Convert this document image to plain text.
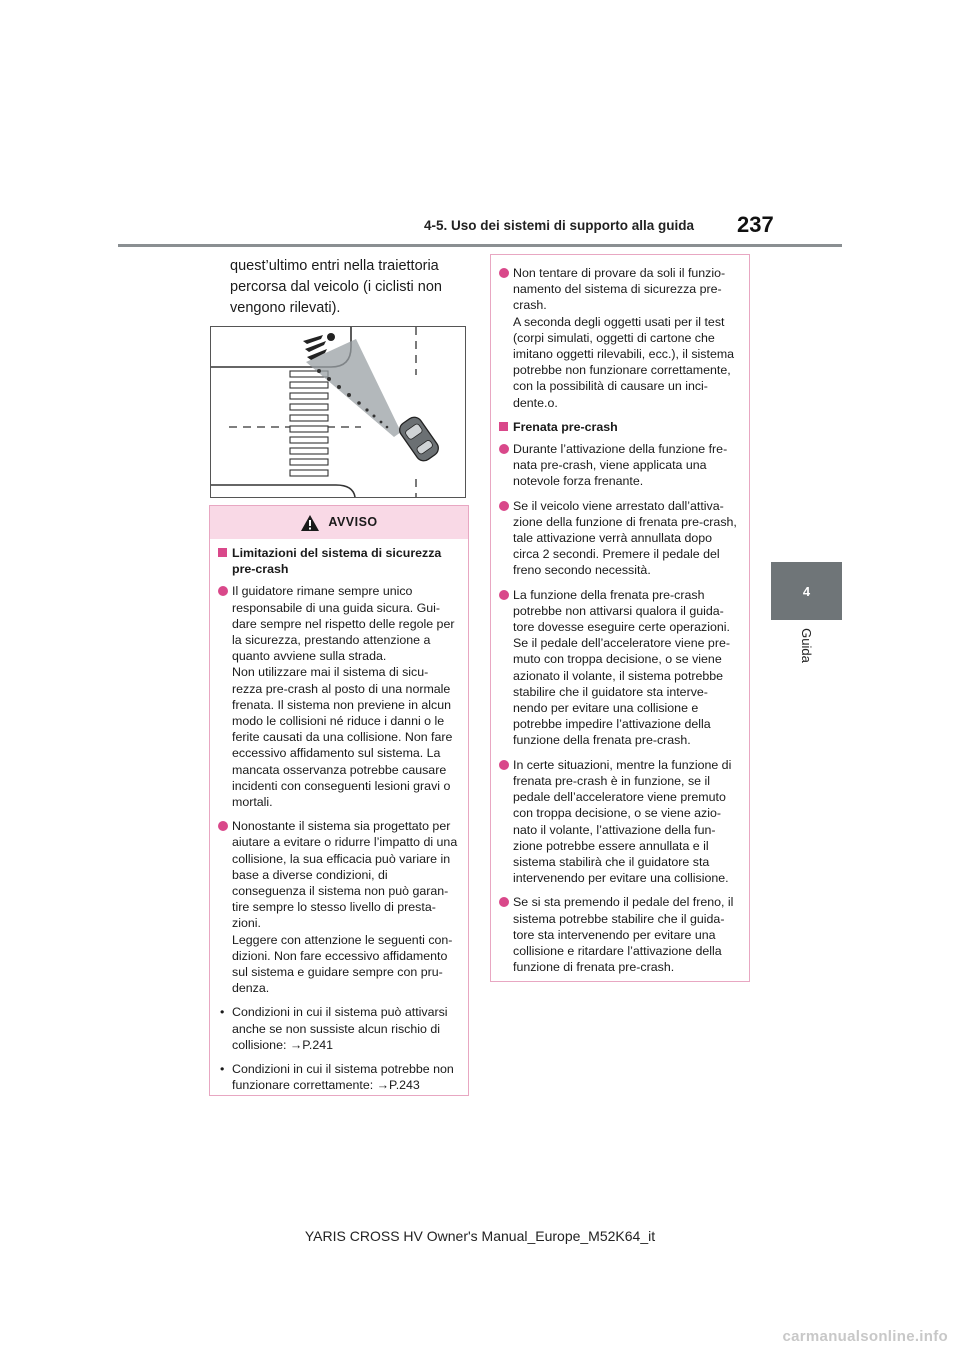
4-5. Uso dei sistemi di supporto alla guida 237
4
Guida

quest’ultimo entri nella traiettoria percorsa dal veicolo (i ciclisti non vengono rilevati).

AVVISO

Limitazioni del sistema di sicurezza pre-crash

Il guidatore rimane sempre unico responsabile di una guida sicura. Gui-dare sempre nel rispetto delle regole per la sicurezza, prestando attenzione a quanto avviene sulla strada.
Non utilizzare mai il sistema di sicu-rezza pre-crash al posto di una normale frenata. Il sistema non previene in alcun modo le collisioni né riduce i danni o le ferite causati da una collisione. Non fare eccessivo affidamento sul sistema. La mancata osservanza potrebbe causare incidenti con conseguenti lesioni gravi o mortali.
Nonostante il sistema sia progettato per aiutare a evitare o ridurre l’impatto di una collisione, la sua efficacia può variare in base a diverse condizioni, di conseguenza il sistema non può garan-tire sempre lo stesso livello di presta-zioni.
Leggere con attenzione le seguenti con-dizioni. Non fare eccessivo affidamento sul sistema e guidare sempre con pru-denza.
• Condizioni in cui il sistema può attivarsi anche se non sussiste alcun rischio di collisione: →P.241
• Condizioni in cui il sistema potrebbe non funzionare correttamente: →P.243
Non tentare di provare da soli il funzio-namento del sistema di sicurezza pre-crash.
A seconda degli oggetti usati per il test (corpi simulati, oggetti di cartone che imitano oggetti rilevabili, ecc.), il sistema potrebbe non funzionare correttamente, con la possibilità di causare un inci-dente.o.

Frenata pre-crash

Durante l’attivazione della funzione fre-nata pre-crash, viene applicata una notevole forza frenante.
Se il veicolo viene arrestato dall’attiva-zione della funzione di frenata pre-crash, tale attivazione verrà annullata dopo circa 2 secondi. Premere il pedale del freno secondo necessità.
La funzione della frenata pre-crash potrebbe non attivarsi qualora il guida-tore dovesse eseguire certe operazioni. Se il pedale dell’acceleratore viene pre-muto con troppa decisione, o se viene azionato il volante, il sistema potrebbe stabilire che il guidatore sta interve-nendo per evitare una collisione e potrebbe impedire l’attivazione della funzione della frenata pre-crash.
In certe situazioni, mentre la funzione di frenata pre-crash è in funzione, se il pedale dell’acceleratore viene premuto con troppa decisione, o se viene azio-nato il volante, l’attivazione della fun-zione potrebbe essere annullata e il sistema stabilirà che il guidatore sta intervenendo per evitare una collisione.
Se si sta premendo il pedale del freno, il sistema potrebbe stabilire che il guida-tore sta intervenendo per evitare una collisione e ritardare l’attivazione della funzione di frenata pre-crash.
YARIS CROSS HV Owner's Manual_Europe_M52K64_it
carmanualsonline.info
